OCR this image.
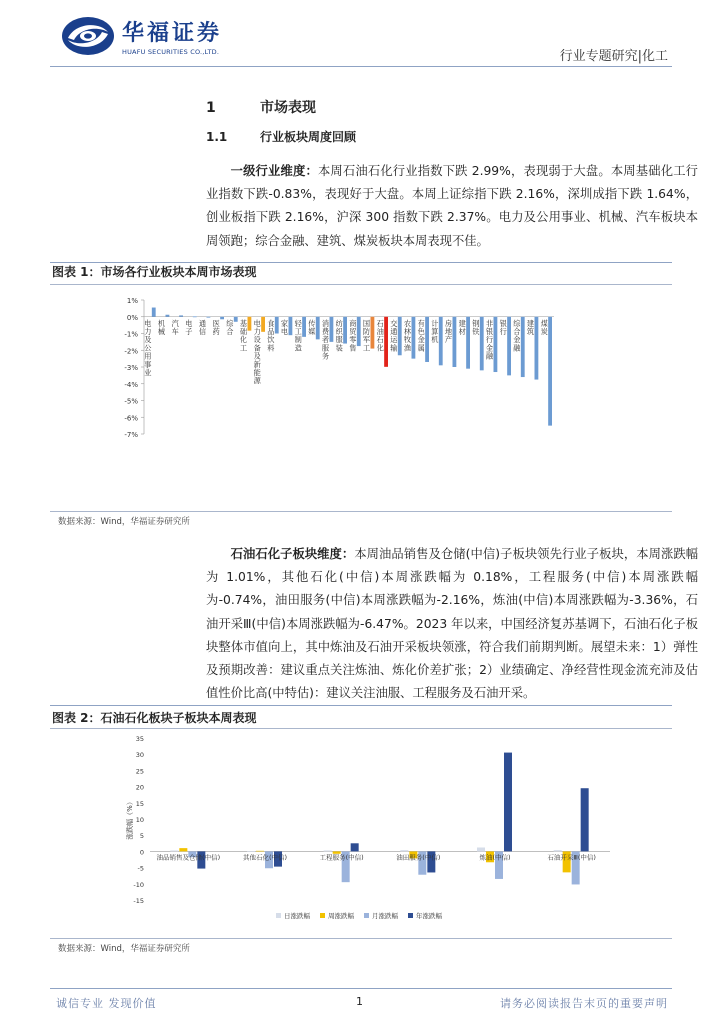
华福证券
HUAFU SECURITIES CO.,LTD.	行业专题研究|化工
1	市场表现
1.1	行业板块周度回顾
一级行业维度：本周石油石化行业指数下跌 2.99%，表现弱于大盘。本周基础化工行业指数下跌-0.83%，表现好于大盘。本周上证综指下跌 2.16%，深圳成指下跌 1.64%，创业板指下跌 2.16%，沪深 300 指数下跌 2.37%。电力及公用事业、机械、汽车板块本周领跑；综合金融、建筑、煤炭板块本周表现不佳。
图表 1：市场各行业板块本周市场表现
1%
0%
-1%
-2%
-3%
-4%
-5%
-6%
-7%
电力及公用事业
机械
汽车
电子
通信
医药
综合
基础化工
电力设备及新能源
食品饮料
家电
轻工制造
传媒
消费者服务
纺织服装
商贸零售
国防军工
石油石化
交通运输
农林牧渔
有色金属
计算机
房地产
建材
钢铁
非银行金融
银行
综合金融
建筑
煤炭
数据来源：Wind，华福证券研究所
石油石化子板块维度：本周油品销售及仓储(中信)子板块领先行业子板块，本周涨跌幅为 1.01%，其他石化(中信)本周涨跌幅为 0.18%，工程服务(中信)本周涨跌幅为-0.74%，油田服务(中信)本周涨跌幅为-2.16%，炼油(中信)本周涨跌幅为-3.36%，石油开采Ⅲ(中信)本周涨跌幅为-6.47%。2023 年以来，中国经济复苏基调下，石油石化子板块整体市值向上，其中炼油及石油开采板块领涨，符合我们前期判断。展望未来：1）弹性及预期改善：建议重点关注炼油、炼化价差扩张；2）业绩确定、净经营性现金流充沛及估值性价比高(中特估)：建议关注油服、工程服务及石油开采。
图表 2：石油石化板块子板块本周表现
35
30
25
20
15
10
5
0
-5
-10
-15
涨跌幅（%）
油品销售及仓储(中信)	其他石化(中信)	工程服务(中信)	油田服务(中信)	炼油(中信)	石油开采Ⅲ(中信)
日涨跌幅	周涨跌幅	月涨跌幅	年涨跌幅
数据来源：Wind，华福证券研究所
诚信专业 发现价值	1	请务必阅读报告末页的重要声明
